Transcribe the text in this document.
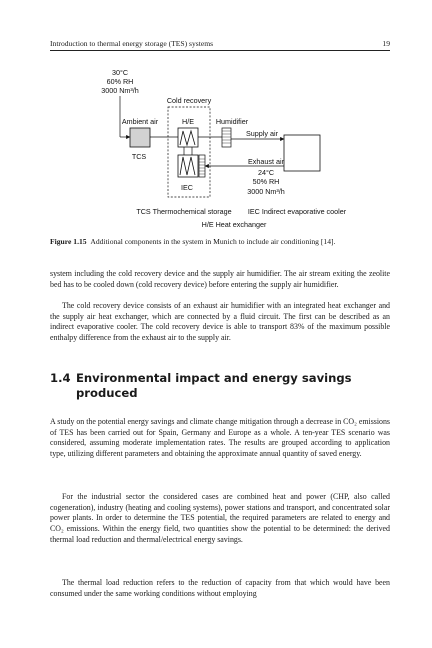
Introduction to thermal energy storage (TES) systems	19
30°C
60% RH
3000 Nm³/h
Cold recovery
Ambient air	H/E	Humidifier
Supply air
TCS
IEC
Exhaust air
24°C
50% RH
3000 Nm³/h
TCS Thermochemical storage IEC Indirect evaporative cooler
H/E Heat exchanger
Figure 1.15 Additional components in the system in Munich to include air conditioning [14].

system including the cold recovery device and the supply air humidifier. The air stream exiting the zeolite bed has to be cooled down (cold recovery device) before entering the supply air humidifier.

The cold recovery device consists of an exhaust air humidifier with an integrated heat exchanger and the supply air heat exchanger, which are connected by a fluid circuit. The first can be described as an indirect evaporative cooler. The cold recovery device is able to transport 83% of the maximum possible enthalpy difference from the exhaust air to the supply air.

1.4 Environmental impact and energy savings
produced

A study on the potential energy savings and climate change mitigation through a decrease in CO₂ emissions of TES has been carried out for Spain, Germany and Europe as a whole. A ten-year TES scenario was considered, assuming moderate implementation rates. The results are grouped according to application type, utilizing different parameters and obtaining the approximate annual quantity of saved energy.

For the industrial sector the considered cases are combined heat and power (CHP, also called cogeneration), industry (heating and cooling systems), power stations and transport, and concentrated solar power plants. In order to determine the TES potential, the required parameters are related to energy and CO₂ emissions. Within the energy field, two quantities show the potential to be determined: the derived thermal load reduction and thermal/electrical energy savings.

The thermal load reduction refers to the reduction of capacity from that which would have been consumed under the same working conditions without employing
